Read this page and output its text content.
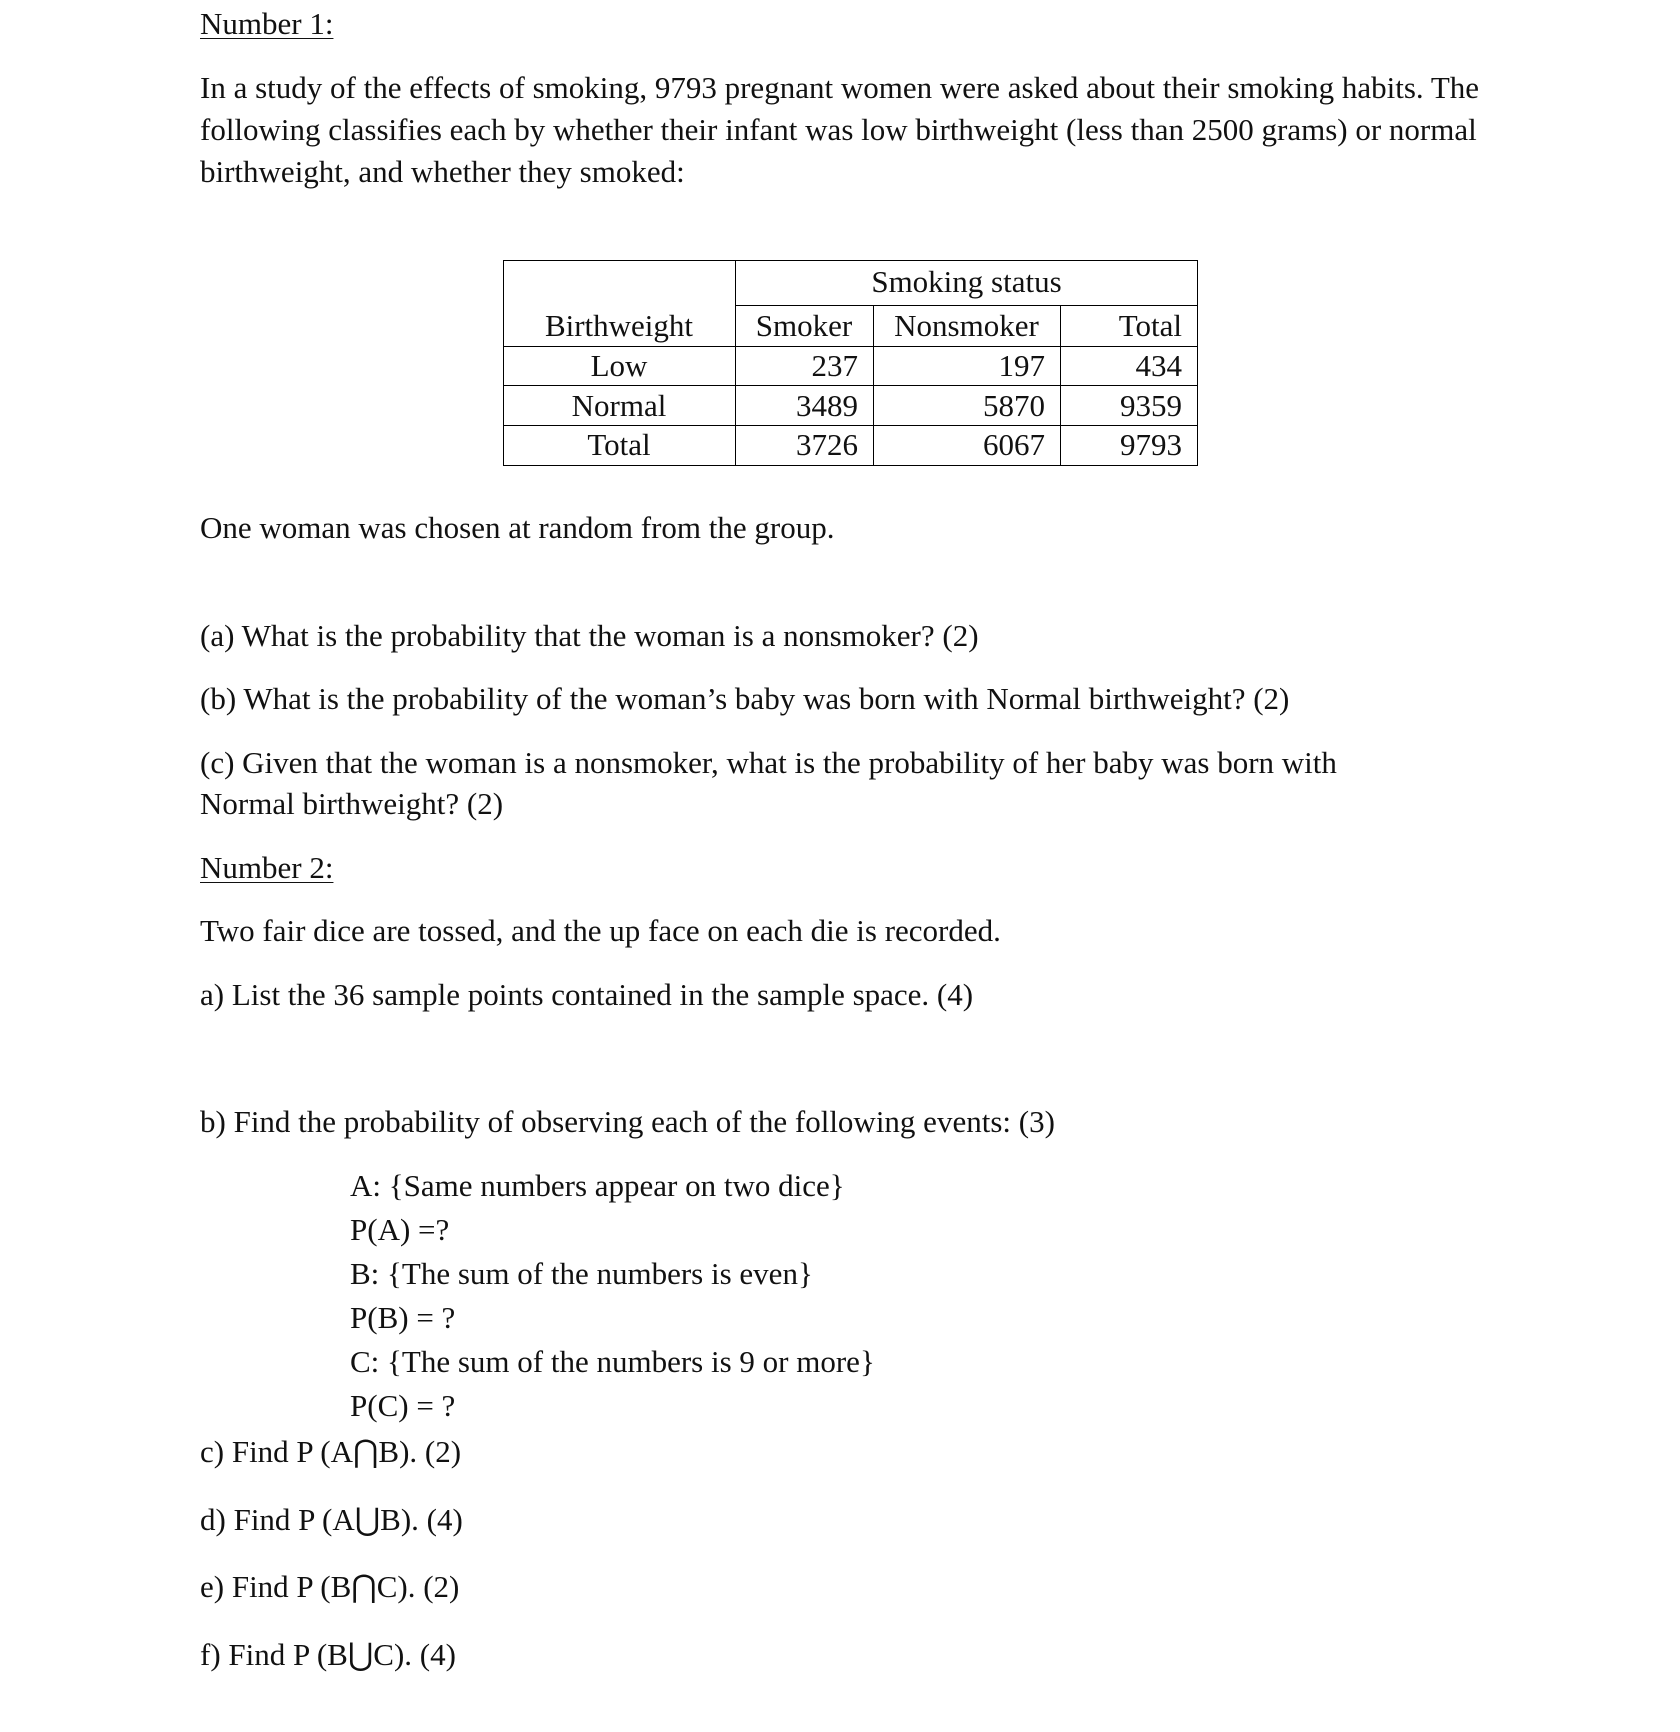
Number 1:
In a study of the effects of smoking, 9793 pregnant women were asked about their smoking habits. The following classifies each by whether their infant was low birthweight (less than 2500 grams) or normal birthweight, and whether they smoked:
Smoking status
Birthweight	Smoker	Nonsmoker	Total
Low	237	197	434
Normal	3489	5870	9359
Total	3726	6067	9793
One woman was chosen at random from the group.
(a) What is the probability that the woman is a nonsmoker? (2)
(b) What is the probability of the woman’s baby was born with Normal birthweight? (2)
(c) Given that the woman is a nonsmoker, what is the probability of her baby was born with
Normal birthweight? (2)
Number 2:
Two fair dice are tossed, and the up face on each die is recorded.
a) List the 36 sample points contained in the sample space. (4)
b) Find the probability of observing each of the following events: (3)
A: {Same numbers appear on two dice}
P(A) =?
B: {The sum of the numbers is even}
P(B) = ?
C: {The sum of the numbers is 9 or more}
P(C) = ?
c) Find P (A⋂B). (2)
d) Find P (A⋃B). (4)
e) Find P (B⋂C). (2)
f) Find P (B⋃C). (4)
